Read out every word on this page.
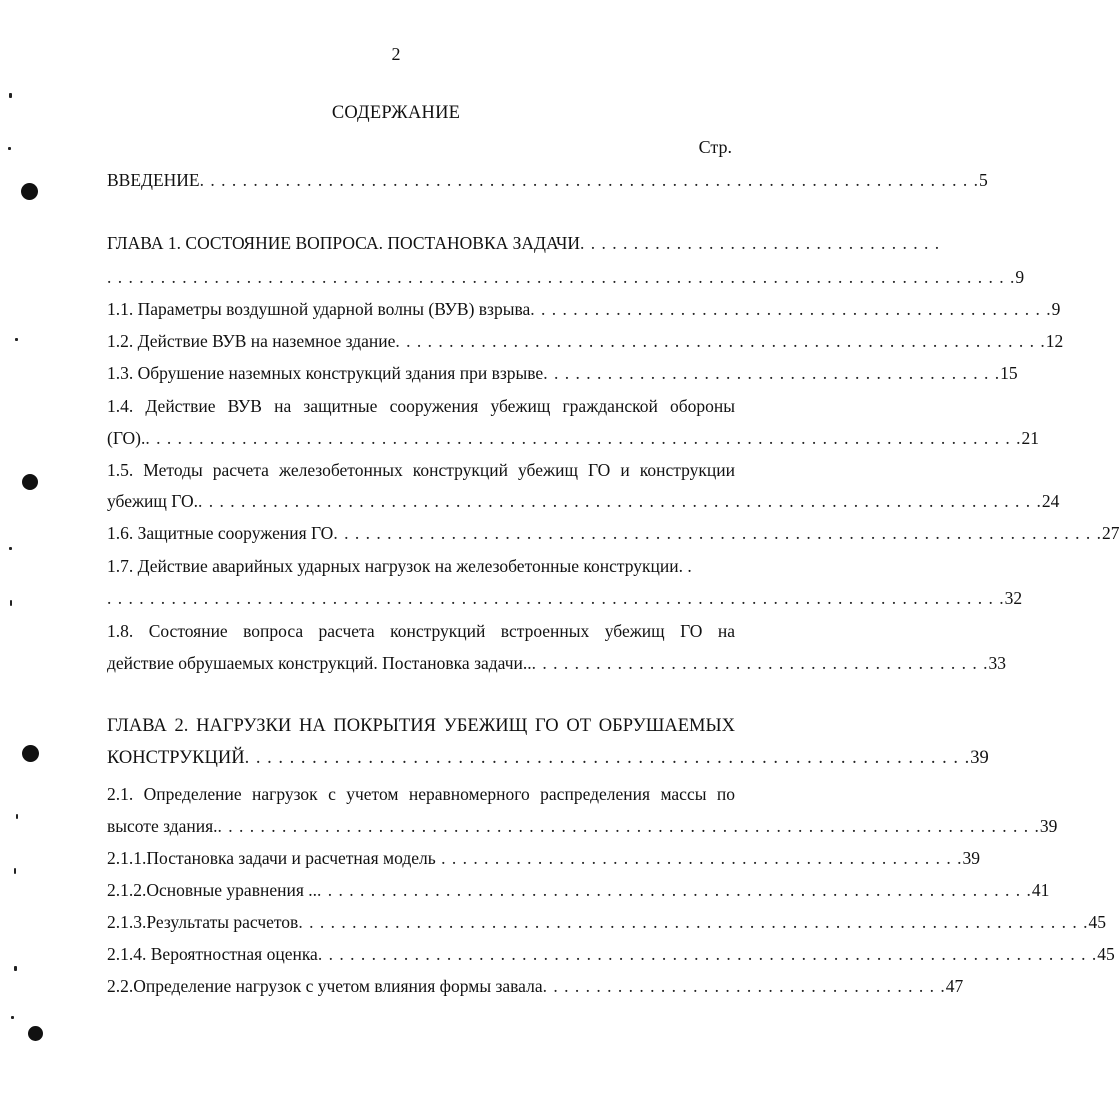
2
СОДЕРЖАНИЕ
Стр.
ВВЕДЕНИЕ . . . . . . . . . . . . . . . . . . . . . . . . . . . . . . . . . . . . . . . . . . . . . . . . . . . . . . . . . . . . . . . . . . . . . . . . . 5
ГЛАВА 1. СОСТОЯНИЕ ВОПРОСА. ПОСТАНОВКА ЗАДАЧИ . . . . . . . . . . . . . . . . . . . . . . . . . . . . . . . . . .
. . . . . . . . . . . . . . . . . . . . . . . . . . . . . . . . . . . . . . . . . . . . . . . . . . . . . . . . . . . . . . . . . . . . . . . . . . . . . . . . . . . . . 9
1.1. Параметры воздушной ударной волны (ВУВ) взрыва . . . . . . . . . . . . . . . . . . . . . . . . . . . . . . . . . . . . . . . . . . . . . . . . . 9
1.2. Действие ВУВ на наземное здание . . . . . . . . . . . . . . . . . . . . . . . . . . . . . . . . . . . . . . . . . . . . . . . . . . . . . . . . . . . . . 12
1.3. Обрушение наземных конструкций здания при взрыве . . . . . . . . . . . . . . . . . . . . . . . . . . . . . . . . . . . . . . . . . . . 15
1.4. Действие ВУВ на защитные сооружения убежищ гражданской обороны
(ГО). . . . . . . . . . . . . . . . . . . . . . . . . . . . . . . . . . . . . . . . . . . . . . . . . . . . . . . . . . . . . . . . . . . . . . . . . . . . . . . . . . . 21
1.5. Методы расчета железобетонных конструкций убежищ ГО и конструкции
убежищ ГО. . . . . . . . . . . . . . . . . . . . . . . . . . . . . . . . . . . . . . . . . . . . . . . . . . . . . . . . . . . . . . . . . . . . . . . . . . . . . . . . 24
1.6. Защитные сооружения ГО . . . . . . . . . . . . . . . . . . . . . . . . . . . . . . . . . . . . . . . . . . . . . . . . . . . . . . . . . . . . . . . . . . . . . . . . 27
1.7. Действие аварийных ударных нагрузок на железобетонные конструкции. .
. . . . . . . . . . . . . . . . . . . . . . . . . . . . . . . . . . . . . . . . . . . . . . . . . . . . . . . . . . . . . . . . . . . . . . . . . . . . . . . . . . . . 32
1.8. Состояние вопроса расчета конструкций встроенных убежищ ГО на
действие обрушаемых конструкций. Постановка задачи.. . . . . . . . . . . . . . . . . . . . . . . . . . . . . . . . . . . . . . . . . . . . 33
ГЛАВА 2. НАГРУЗКИ НА ПОКРЫТИЯ УБЕЖИЩ ГО ОТ ОБРУШАЕМЫХ
КОНСТРУКЦИЙ . . . . . . . . . . . . . . . . . . . . . . . . . . . . . . . . . . . . . . . . . . . . . . . . . . . . . . . . . . . . . . . . . 39
2.1. Определение нагрузок с учетом неравномерного распределения массы по
высоте здания. . . . . . . . . . . . . . . . . . . . . . . . . . . . . . . . . . . . . . . . . . . . . . . . . . . . . . . . . . . . . . . . . . . . . . . . . . . . . . 39
2.1.1.Постановка задачи и расчетная модель . . . . . . . . . . . . . . . . . . . . . . . . . . . . . . . . . . . . . . . . . . . . . . . . . 39
2.1.2.Основные уравнения .. . . . . . . . . . . . . . . . . . . . . . . . . . . . . . . . . . . . . . . . . . . . . . . . . . . . . . . . . . . . . . . . . . . . 41
2.1.3.Результаты расчетов . . . . . . . . . . . . . . . . . . . . . . . . . . . . . . . . . . . . . . . . . . . . . . . . . . . . . . . . . . . . . . . . . . . . . . . . . . 45
2.1.4. Вероятностная оценка . . . . . . . . . . . . . . . . . . . . . . . . . . . . . . . . . . . . . . . . . . . . . . . . . . . . . . . . . . . . . . . . . . . . . . . . . 45
2.2.Определение нагрузок с учетом влияния формы завала . . . . . . . . . . . . . . . . . . . . . . . . . . . . . . . . . . . . . . 47
